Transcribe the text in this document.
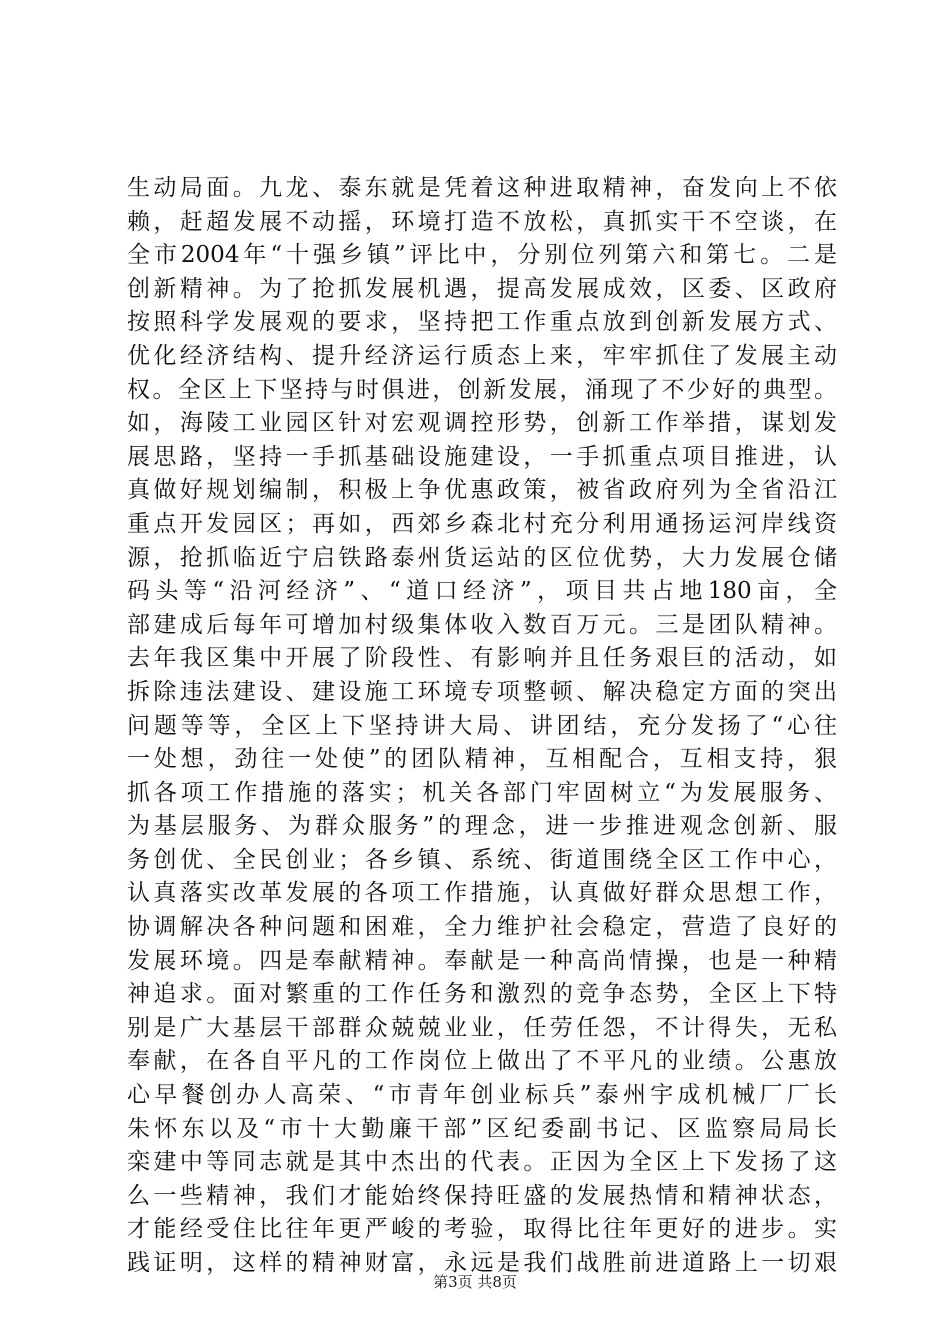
生动局面。九龙、泰东就是凭着这种进取精神，奋发向上不依
赖，赶超发展不动摇，环境打造不放松，真抓实干不空谈，在
全市2004年“十强乡镇”评比中，分别位列第六和第七。二是
创新精神。为了抢抓发展机遇，提高发展成效，区委、区政府
按照科学发展观的要求，坚持把工作重点放到创新发展方式、
优化经济结构、提升经济运行质态上来，牢牢抓住了发展主动
权。全区上下坚持与时俱进，创新发展，涌现了不少好的典型。
如，海陵工业园区针对宏观调控形势，创新工作举措，谋划发
展思路，坚持一手抓基础设施建设，一手抓重点项目推进，认
真做好规划编制，积极上争优惠政策，被省政府列为全省沿江
重点开发园区；再如，西郊乡森北村充分利用通扬运河岸线资
源，抢抓临近宁启铁路泰州货运站的区位优势，大力发展仓储
码头等“沿河经济”、“道口经济”，项目共占地180亩，全
部建成后每年可增加村级集体收入数百万元。三是团队精神。
去年我区集中开展了阶段性、有影响并且任务艰巨的活动，如
拆除违法建设、建设施工环境专项整顿、解决稳定方面的突出
问题等等，全区上下坚持讲大局、讲团结，充分发扬了“心往
一处想，劲往一处使”的团队精神，互相配合，互相支持，狠
抓各项工作措施的落实；机关各部门牢固树立“为发展服务、
为基层服务、为群众服务”的理念，进一步推进观念创新、服
务创优、全民创业；各乡镇、系统、街道围绕全区工作中心，
认真落实改革发展的各项工作措施，认真做好群众思想工作，
协调解决各种问题和困难，全力维护社会稳定，营造了良好的
发展环境。四是奉献精神。奉献是一种高尚情操，也是一种精
神追求。面对繁重的工作任务和激烈的竞争态势，全区上下特
别是广大基层干部群众兢兢业业，任劳任怨，不计得失，无私
奉献，在各自平凡的工作岗位上做出了不平凡的业绩。公惠放
心早餐创办人高荣、“市青年创业标兵”泰州宇成机械厂厂长
朱怀东以及“市十大勤廉干部”区纪委副书记、区监察局局长
栾建中等同志就是其中杰出的代表。正因为全区上下发扬了这
么一些精神，我们才能始终保持旺盛的发展热情和精神状态，
才能经受住比往年更严峻的考验，取得比往年更好的进步。实
践证明，这样的精神财富，永远是我们战胜前进道路上一切艰
第3页 共8页
